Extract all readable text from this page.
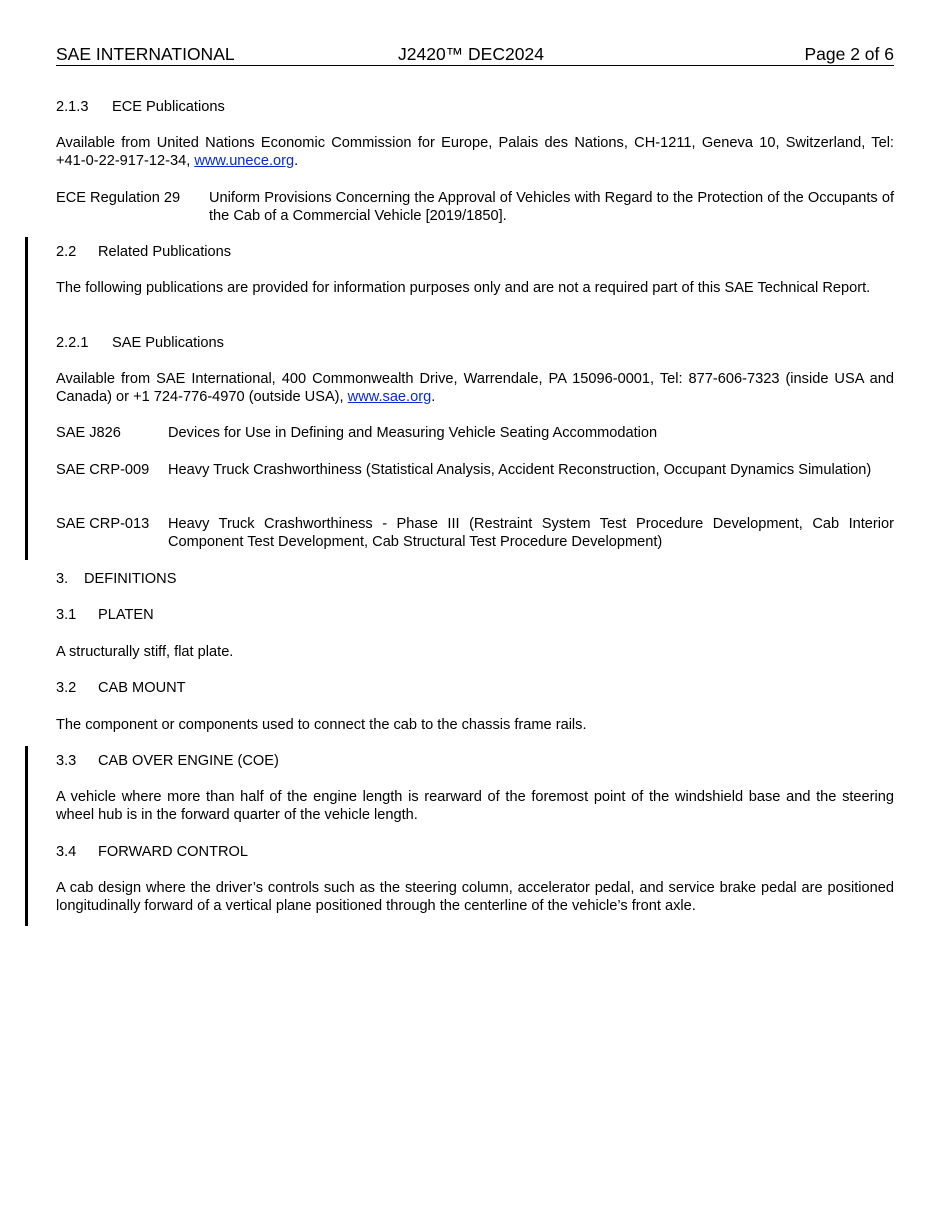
SAE INTERNATIONAL	J2420™ DEC2024	Page 2 of 6
2.1.3 ECE Publications
Available from United Nations Economic Commission for Europe, Palais des Nations, CH-1211, Geneva 10, Switzerland, Tel: +41-0-22-917-12-34, www.unece.org.
ECE Regulation 29 Uniform Provisions Concerning the Approval of Vehicles with Regard to the Protection of the Occupants of the Cab of a Commercial Vehicle [2019/1850].
2.2 Related Publications
The following publications are provided for information purposes only and are not a required part of this SAE Technical Report.
2.2.1 SAE Publications
Available from SAE International, 400 Commonwealth Drive, Warrendale, PA 15096-0001, Tel: 877-606-7323 (inside USA and Canada) or +1 724-776-4970 (outside USA), www.sae.org.
SAE J826	Devices for Use in Defining and Measuring Vehicle Seating Accommodation
SAE CRP-009 Heavy Truck Crashworthiness (Statistical Analysis, Accident Reconstruction, Occupant Dynamics Simulation)
SAE CRP-013 Heavy Truck Crashworthiness - Phase III (Restraint System Test Procedure Development, Cab Interior Component Test Development, Cab Structural Test Procedure Development)
3. DEFINITIONS
3.1 PLATEN
A structurally stiff, flat plate.
3.2 CAB MOUNT
The component or components used to connect the cab to the chassis frame rails.
3.3 CAB OVER ENGINE (COE)
A vehicle where more than half of the engine length is rearward of the foremost point of the windshield base and the steering wheel hub is in the forward quarter of the vehicle length.
3.4 FORWARD CONTROL
A cab design where the driver’s controls such as the steering column, accelerator pedal, and service brake pedal are positioned longitudinally forward of a vertical plane positioned through the centerline of the vehicle’s front axle.
